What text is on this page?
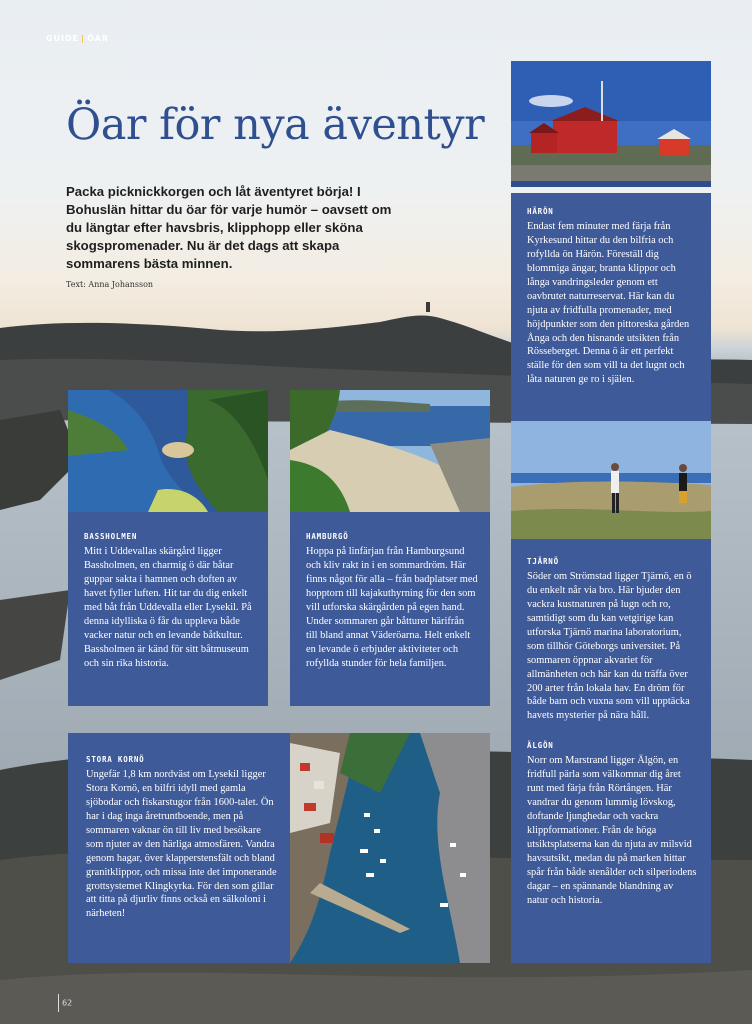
GUIDE | ÖAR
Öar för nya äventyr
Packa picknickkorgen och låt äventyret börja! I Bohuslän hittar du öar för varje humör – oavsett om du längtar efter havsbris, klipphopp eller sköna skogspromenader. Nu är det dags att skapa sommarens bästa minnen.
Text: Anna Johansson
HÄRÖN

Endast fem minuter med färja från Kyrkesund hittar du den bilfria och rofyllda ön Härön. Föreställ dig blommiga ängar, branta klippor och långa vandringsleder genom ett oavbrutet naturreservat. Här kan du njuta av fridfulla promenader, med höjdpunkter som den pittoreska gården Ånga och den hisnande utsikten från Rösseberget. Denna ö är ett perfekt ställe för den som vill ta det lugnt och låta naturen ge ro i själen.

TJÄRNÖ

Söder om Strömstad ligger Tjärnö, en ö du enkelt når via bro. Här bjuder den vackra kustnaturen på lugn och ro, samtidigt som du kan vetgirige kan utforska Tjärnö marina laboratorium, som tillhör Göteborgs universitet. På sommaren öppnar akvariet för allmänheten och här kan du träffa över 200 arter från lokala hav. En dröm för både barn och vuxna som vill upptäcka havets mysterier på nära håll.

ÄLGÖN

Norr om Marstrand ligger Älgön, en fridfull pärla som välkomnar dig året runt med färja från Rörtången. Här vandrar du genom lummig lövskog, doftande ljunghedar och vackra klippformationer. Från de höga utsiktsplatserna kan du njuta av milsvid havsutsikt, medan du på marken hittar spår från både stenålder och silperiodens dagar – en spännande blandning av natur och historia.

BASSHOLMEN

Mitt i Uddevallas skärgård ligger Bassholmen, en charmig ö där båtar guppar sakta i hamnen och doften av havet fyller luften. Hit tar du dig enkelt med båt från Uddevalla eller Lysekil. På denna idylliska ö får du uppleva både vacker natur och en levande båtkultur. Bassholmen är känd för sitt båtmuseum och sin rika historia.

HAMBURGÖ

Hoppa på linfärjan från Hamburgsund och kliv rakt in i en sommardröm. Här finns något för alla – från badplatser med hopptorn till kajakuthyrning för den som vill utforska skärgården på egen hand. Under sommaren går båtturer härifrån till bland annat Väderöarna. Helt enkelt en levande ö erbjuder aktiviteter och rofyllda stunder för hela familjen.

STORA KORNÖ

Ungefär 1,8 km nordväst om Lysekil ligger Stora Kornö, en bilfri idyll med gamla sjöbodar och fiskarstugor från 1600-talet. Ön har i dag inga åretruntboende, men på sommaren vaknar ön till liv med besökare som njuter av den härliga atmosfären. Vandra genom hagar, över klapperstensfält och bland granitklippor, och missa inte det imponerande grottsystemet Klingkyrka. För den som gillar att titta på djurliv finns också en sälkoloni i närheten!

62
